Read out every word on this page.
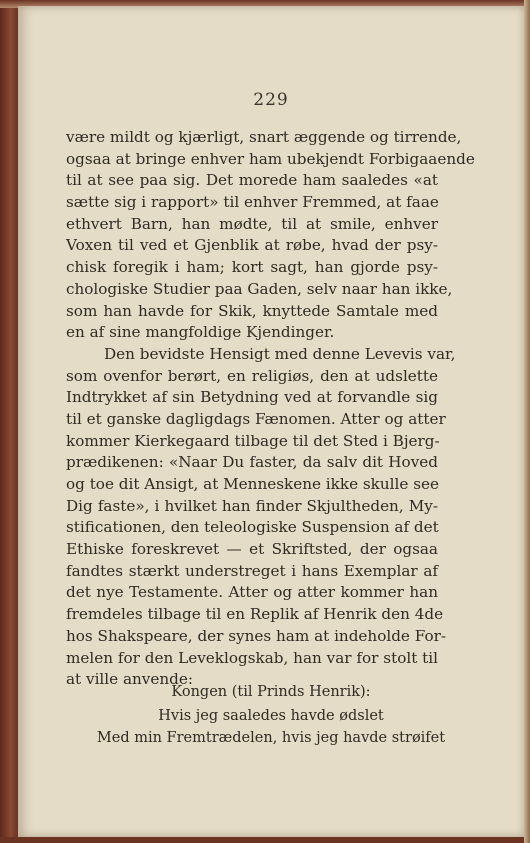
229
være mildt og kjærligt, snart æggende og tirrende,
ogsaa at bringe enhver ham ubekjendt Forbigaaende
til at see paa sig. Det morede ham saaledes «at
sætte sig i rapport» til enhver Fremmed, at faae
ethvert Barn, han mødte, til at smile, enhver
Voxen til ved et Gjenblik at røbe, hvad der psy-
chisk foregik i ham; kort sagt, han gjorde psy-
chologiske Studier paa Gaden, selv naar han ikke,
som han havde for Skik, knyttede Samtale med
en af sine mangfoldige Kjendinger.
Den bevidste Hensigt med denne Levevis var,
som ovenfor berørt, en religiøs, den at udslette
Indtrykket af sin Betydning ved at forvandle sig
til et ganske dagligdags Fænomen. Atter og atter
kommer Kierkegaard tilbage til det Sted i Bjerg-
prædikenen: «Naar Du faster, da salv dit Hoved
og toe dit Ansigt, at Menneskene ikke skulle see
Dig faste», i hvilket han finder Skjultheden, My-
stificationen, den teleologiske Suspension af det
Ethiske foreskrevet — et Skriftsted, der ogsaa
fandtes stærkt understreget i hans Exemplar af
det nye Testamente. Atter og atter kommer han
fremdeles tilbage til en Replik af Henrik den 4de
hos Shakspeare, der synes ham at indeholde For-
melen for den Leveklogskab, han var for stolt til
at ville anvende:
Kongen (til Prinds Henrik):
Hvis jeg saaledes havde ødslet
Med min Fremtrædelen, hvis jeg havde strøifet
